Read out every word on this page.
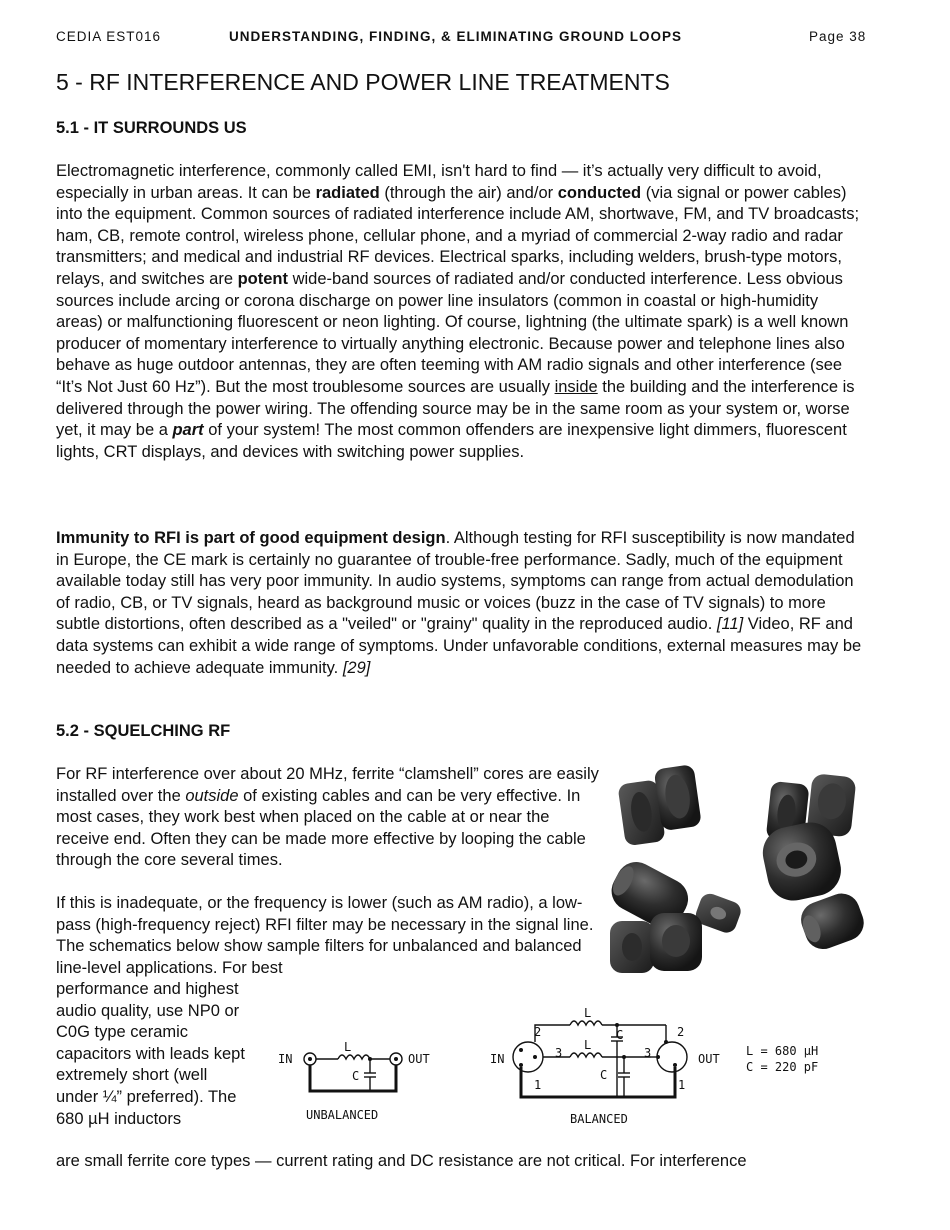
CEDIA EST016	UNDERSTANDING, FINDING, & ELIMINATING GROUND LOOPS	Page 38
5 - RF INTERFERENCE AND POWER LINE TREATMENTS
5.1 - IT SURROUNDS US

Electromagnetic interference, commonly called EMI, isn't hard to find — it’s actually very difficult to avoid, especially in urban areas. It can be radiated (through the air) and/or conducted (via signal or power cables) into the equipment. Common sources of radiated interference include AM, shortwave, FM, and TV broadcasts; ham, CB, remote control, wireless phone, cellular phone, and a myriad of commercial 2-way radio and radar transmitters; and medical and industrial RF devices. Electrical sparks, including welders, brush-type motors, relays, and switches are potent wide-band sources of radiated and/or conducted interference. Less obvious sources include arcing or corona discharge on power line insulators (common in coastal or high-humidity areas) or malfunctioning fluorescent or neon lighting. Of course, lightning (the ultimate spark) is a well known producer of momentary interference to virtually anything electronic. Because power and telephone lines also behave as huge outdoor antennas, they are often teeming with AM radio signals and other interference (see “It’s Not Just 60 Hz”). But the most troublesome sources are usually inside the building and the interference is delivered through the power wiring. The offending source may be in the same room as your system or, worse yet, it may be a part of your system! The most common offenders are inexpensive light dimmers, fluorescent lights, CRT displays, and devices with switching power supplies.

Immunity to RFI is part of good equipment design. Although testing for RFI susceptibility is now mandated in Europe, the CE mark is certainly no guarantee of trouble-free performance. Sadly, much of the equipment available today still has very poor immunity. In audio systems, symptoms can range from actual demodulation of radio, CB, or TV signals, heard as background music or voices (buzz in the case of TV signals) to more subtle distortions, often described as a "veiled" or "grainy" quality in the reproduced audio. [11] Video, RF and data systems can exhibit a wide range of symptoms. Under unfavorable conditions, external measures may be needed to achieve adequate immunity. [29]

5.2 - SQUELCHING RF

For RF interference over about 20 MHz, ferrite “clamshell” cores are easily installed over the outside of existing cables and can be very effective. In most cases, they work best when placed on the cable at or near the receive end. Often they can be made more effective by looping the cable through the core several times.

If this is inadequate, or the frequency is lower (such as AM radio), a low-pass (high-frequency reject) RFI filter may be necessary in the signal line. The schematics below show sample filters for unbalanced and balanced line-level applications. For best

performance and highest audio quality, use NP0 or C0G type ceramic capacitors with leads kept extremely short (well under ¼” preferred). The 680 µH inductors

are small ferrite core types — current rating and DC resistance are not critical. For interference

IN
L
C
OUT
UNBALANCED
IN
2
3
1
L
C
L
C
2
3
1
OUT
BALANCED
L = 680 µH
C = 220 pF
